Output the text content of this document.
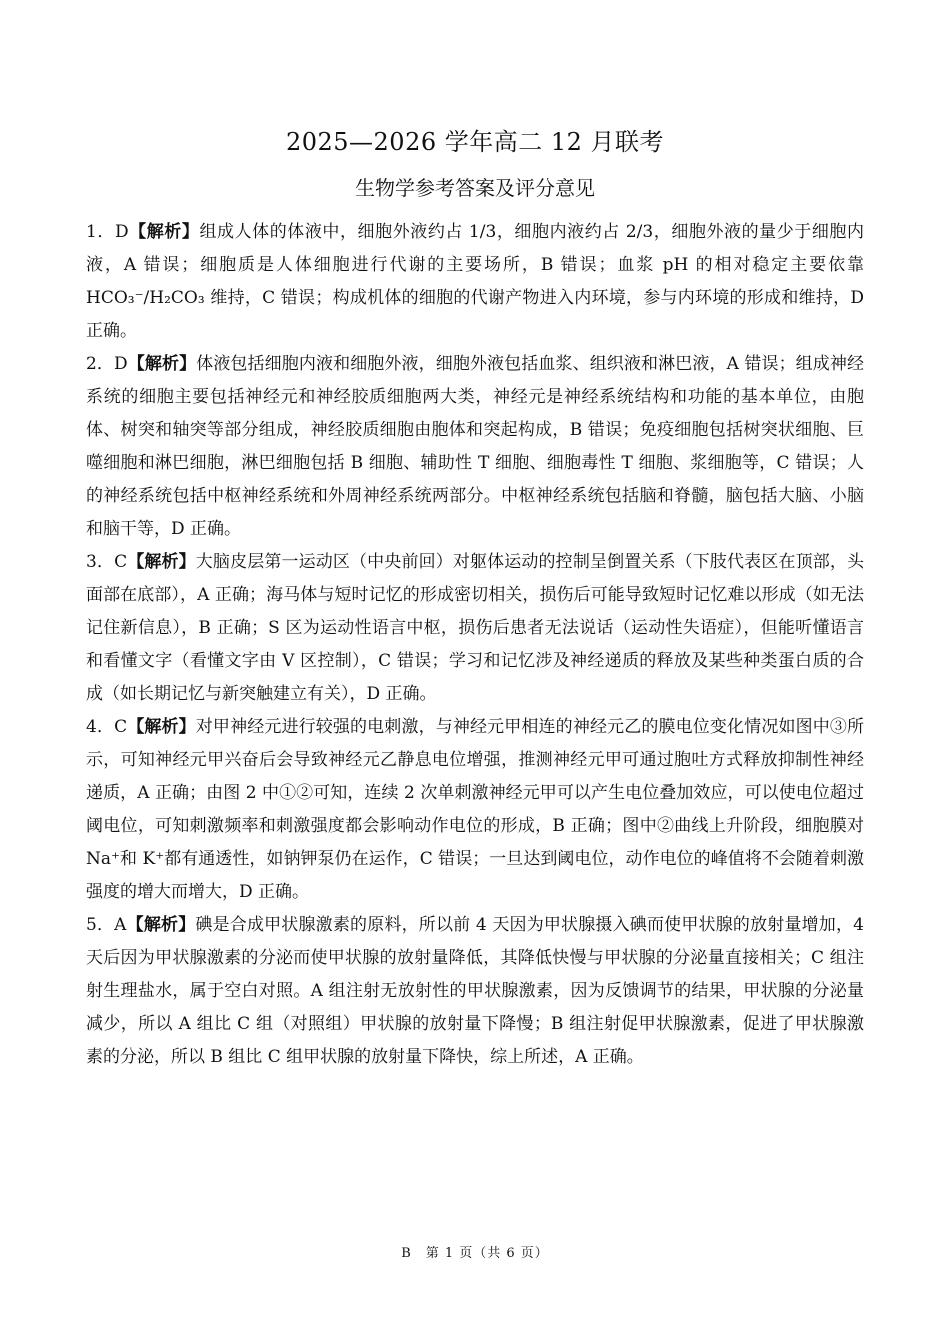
2025—2026 学年高二 12 月联考
生物学参考答案及评分意见

1．D【解析】组成人体的体液中，细胞外液约占 1/3，细胞内液约占 2/3，细胞外液的量少于细胞内液，A 错误；细胞质是人体细胞进行代谢的主要场所，B 错误；血浆 pH 的相对稳定主要依靠 HCO₃⁻/H₂CO₃ 维持，C 错误；构成机体的细胞的代谢产物进入内环境，参与内环境的形成和维持，D 正确。

2．D【解析】体液包括细胞内液和细胞外液，细胞外液包括血浆、组织液和淋巴液，A 错误；组成神经系统的细胞主要包括神经元和神经胶质细胞两大类，神经元是神经系统结构和功能的基本单位，由胞体、树突和轴突等部分组成，神经胶质细胞由胞体和突起构成，B 错误；免疫细胞包括树突状细胞、巨噬细胞和淋巴细胞，淋巴细胞包括 B 细胞、辅助性 T 细胞、细胞毒性 T 细胞、浆细胞等，C 错误；人的神经系统包括中枢神经系统和外周神经系统两部分。中枢神经系统包括脑和脊髓，脑包括大脑、小脑和脑干等，D 正确。

3．C【解析】大脑皮层第一运动区（中央前回）对躯体运动的控制呈倒置关系（下肢代表区在顶部，头面部在底部），A 正确；海马体与短时记忆的形成密切相关，损伤后可能导致短时记忆难以形成（如无法记住新信息），B 正确；S 区为运动性语言中枢，损伤后患者无法说话（运动性失语症），但能听懂语言和看懂文字（看懂文字由 V 区控制），C 错误；学习和记忆涉及神经递质的释放及某些种类蛋白质的合成（如长期记忆与新突触建立有关），D 正确。

4．C【解析】对甲神经元进行较强的电刺激，与神经元甲相连的神经元乙的膜电位变化情况如图中③所示，可知神经元甲兴奋后会导致神经元乙静息电位增强，推测神经元甲可通过胞吐方式释放抑制性神经递质，A 正确；由图 2 中①②可知，连续 2 次单刺激神经元甲可以产生电位叠加效应，可以使电位超过阈电位，可知刺激频率和刺激强度都会影响动作电位的形成，B 正确；图中②曲线上升阶段，细胞膜对 Na⁺和 K⁺都有通透性，如钠钾泵仍在运作，C 错误；一旦达到阈电位，动作电位的峰值将不会随着刺激强度的增大而增大，D 正确。

5．A【解析】碘是合成甲状腺激素的原料，所以前 4 天因为甲状腺摄入碘而使甲状腺的放射量增加，4 天后因为甲状腺激素的分泌而使甲状腺的放射量降低，其降低快慢与甲状腺的分泌量直接相关；C 组注射生理盐水，属于空白对照。A 组注射无放射性的甲状腺激素，因为反馈调节的结果，甲状腺的分泌量减少，所以 A 组比 C 组（对照组）甲状腺的放射量下降慢；B 组注射促甲状腺激素，促进了甲状腺激素的分泌，所以 B 组比 C 组甲状腺的放射量下降快，综上所述，A 正确。

B　第 1 页（共 6 页）
